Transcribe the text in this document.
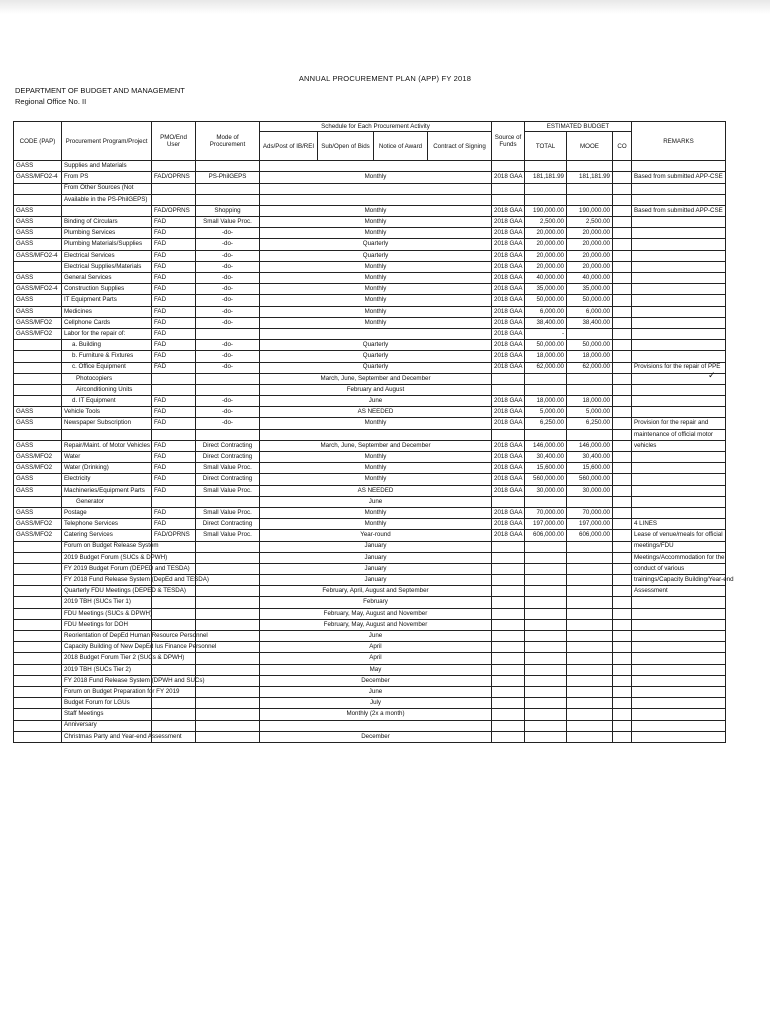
ANNUAL PROCUREMENT PLAN (APP) FY 2018
DEPARTMENT OF BUDGET AND MANAGEMENT
Regional Office No. II
CODE (PAP)	Procurement Program/Project	PMO/End User	Mode of Procurement	Schedule for Each Procurement Activity				Source of Funds	ESTIMATED BUDGET			REMARKS
				Ads/Post of IB/REI	Sub/Open of Bids	Notice of Award	Contract of Signing		TOTAL	MOOE	CO	
GASS	Supplies and Materials											
GASS/MFO2-4	From PS	FAD/OPRNS	PS-PhilGEPS	Monthly				2018 GAA	181,181.99	181,181.99		Based from submitted APP-CSE
	From Other Sources (Not											
	Available in the PS-PhilGEPS)											
GASS		FAD/OPRNS	Shopping	Monthly				2018 GAA	190,000.00	190,000.00		Based from submitted APP-CSE
GASS	Binding of Circulars	FAD	Small Value Proc.	Monthly				2018 GAA	2,500.00	2,500.00		
GASS	Plumbing Services	FAD	-do-	Monthly				2018 GAA	20,000.00	20,000.00		
GASS	Plumbing Materials/Supplies	FAD	-do-	Quarterly				2018 GAA	20,000.00	20,000.00		
GASS/MFO2-4	Electrical Services	FAD	-do-	Quarterly				2018 GAA	20,000.00	20,000.00		
	Electrical Supplies/Materials	FAD	-do-	Monthly				2018 GAA	20,000.00	20,000.00		
GASS	General Services	FAD	-do-	Monthly				2018 GAA	40,000.00	40,000.00		
GASS/MFO2-4	Construction Supplies	FAD	-do-	Monthly				2018 GAA	35,000.00	35,000.00		
GASS	IT Equipment Parts	FAD	-do-	Monthly				2018 GAA	50,000.00	50,000.00		
GASS	Medicines	FAD	-do-	Monthly				2018 GAA	6,000.00	6,000.00		
GASS/MFO2	Cellphone Cards	FAD	-do-	Monthly				2018 GAA	38,400.00	38,400.00		
GASS/MFO2	Labor for the repair of:	FAD						2018 GAA	-			
	a. Building	FAD	-do-	Quarterly				2018 GAA	50,000.00	50,000.00		
	b. Furniture & Fixtures	FAD	-do-	Quarterly				2018 GAA	18,000.00	18,000.00		
	c. Office Equipment	FAD	-do-	Quarterly				2018 GAA	62,000.00	62,000.00		Provisions for the repair of PPE
	Photocopiers			March, June, September and December								
	Airconditioning Units			February and August								
	d. IT Equipment	FAD	-do-	June				2018 GAA	18,000.00	18,000.00		
GASS	Vehicle Tools	FAD	-do-	AS NEEDED				2018 GAA	5,000.00	5,000.00		
GASS	Newspaper Subscription	FAD	-do-	Monthly				2018 GAA	6,250.00	6,250.00		Provision for the repair and
												maintenance of official motor
GASS	Repair/Maint. of Motor Vehicles	FAD	Direct Contracting	March, June, September and December				2018 GAA	146,000.00	146,000.00		vehicles
GASS/MFO2	Water	FAD	Direct Contracting	Monthly				2018 GAA	30,400.00	30,400.00		
GASS/MFO2	Water (Drinking)	FAD	Small Value Proc.	Monthly				2018 GAA	15,600.00	15,600.00		
GASS	Electricity	FAD	Direct Contracting	Monthly				2018 GAA	560,000.00	560,000.00		
GASS	Machineries/Equipment Parts	FAD	Small Value Proc.	AS NEEDED				2018 GAA	30,000.00	30,000.00		
	Generator			June								
GASS	Postage	FAD	Small Value Proc.	Monthly				2018 GAA	70,000.00	70,000.00		
GASS/MFO2	Telephone Services	FAD	Direct Contracting	Monthly				2018 GAA	197,000.00	197,000.00		4 LINES
GASS/MFO2	Catering Services	FAD/OPRNS	Small Value Proc.	Year-round				2018 GAA	606,000.00	606,000.00		Lease of venue/meals for official
	Forum on Budget Release System			January								meetings/FDU
	2019 Budget Forum (SUCs & DPWH)			January								Meetings/Accommodation for the
	FY 2019 Budget Forum (DEPED and TESDA)			January								conduct of various
	FY 2018 Fund Release System (DepEd and TESDA)			January								trainings/Capacity Building/Year-end
	Quarterly FDU Meetings (DEPED & TESDA)			February, April, August and September								Assessment
	2019 TBH (SUCs Tier 1)			February								
	FDU Meetings (SUCs & DPWH)			February, May, August and November								
	FDU Meetings for DOH			February, May, August and November								
	Reorientation of DepEd Human Resource Personnel			June								
	Capacity Building of New DepEd lus Finance Personnel			April								
	2018 Budget Forum Tier 2 (SUCs & DPWH)			April								
	2019 TBH (SUCs Tier 2)			May								
	FY 2018 Fund Release System (DPWH and SUCs)			December								
	Forum on Budget Preparation for FY 2019			June								
	Budget Forum for LGUs			July								
	Staff Meetings			Monthly (2x a month)								
	Anniversary											
	Christmas Party and Year-end Assessment			December								
✓
